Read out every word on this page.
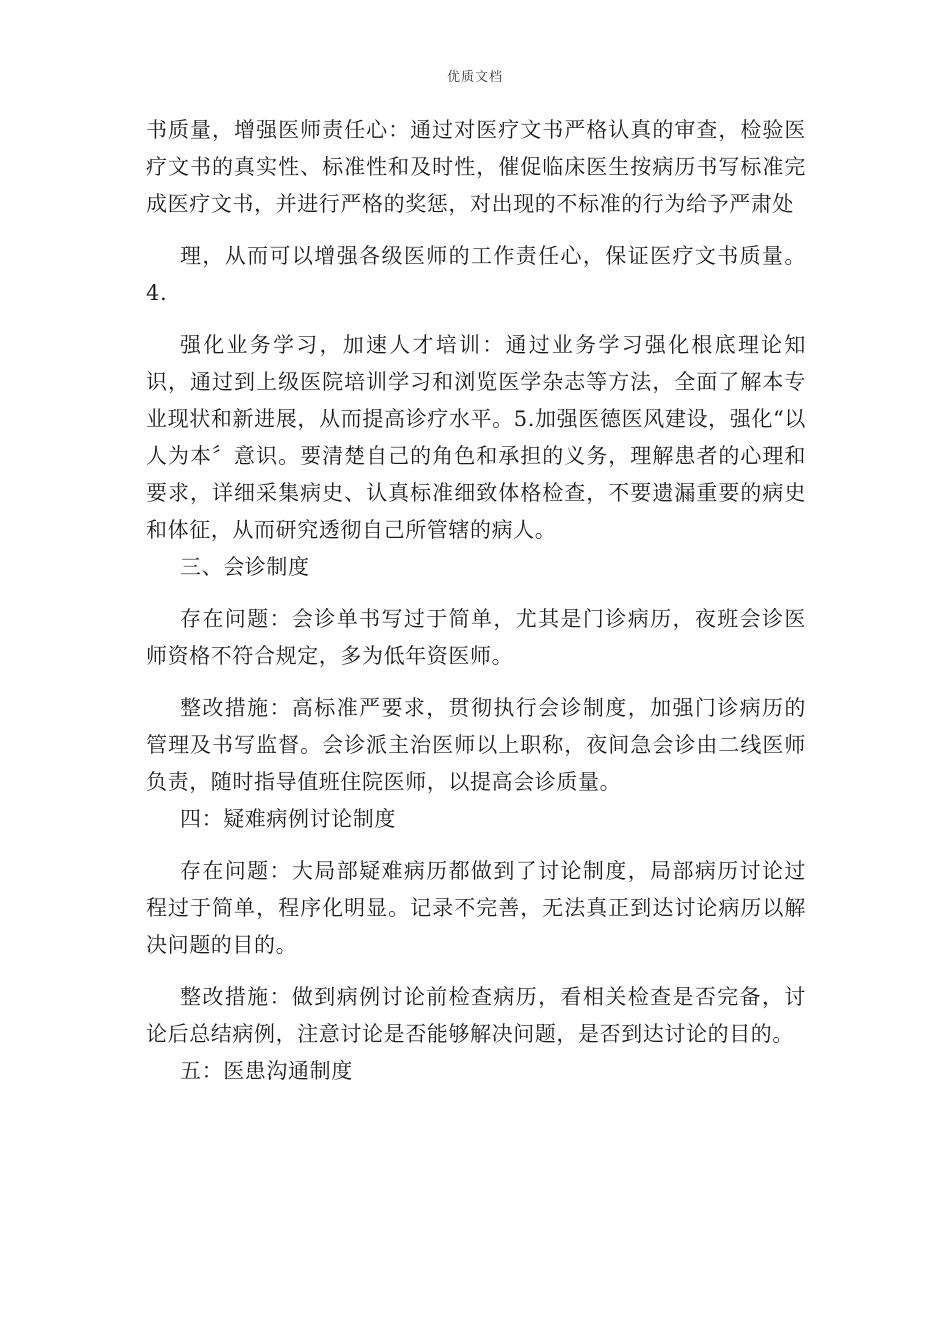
优质文档

书质量，增强医师责任心：通过对医疗文书严格认真的审查，检验医疗文书的真实性、标准性和及时性，催促临床医生按病历书写标准完成医疗文书，并进行严格的奖惩，对出现的不标准的行为给予严肃处

理，从而可以增强各级医师的工作责任心，保证医疗文书质量。4.

强化业务学习，加速人才培训：通过业务学习强化根底理论知识，通过到上级医院培训学习和浏览医学杂志等方法，全面了解本专业现状和新进展，从而提高诊疗水平。5.加强医德医风建设，强化“以人为本〞意识。要清楚自己的角色和承担的义务，理解患者的心理和要求，详细采集病史、认真标准细致体格检查，不要遗漏重要的病史和体征，从而研究透彻自己所管辖的病人。

三、会诊制度

存在问题：会诊单书写过于简单，尤其是门诊病历，夜班会诊医师资格不符合规定，多为低年资医师。

整改措施：高标准严要求，贯彻执行会诊制度，加强门诊病历的管理及书写监督。会诊派主治医师以上职称，夜间急会诊由二线医师负责，随时指导值班住院医师，以提高会诊质量。

四：疑难病例讨论制度

存在问题：大局部疑难病历都做到了讨论制度，局部病历讨论过程过于简单，程序化明显。记录不完善，无法真正到达讨论病历以解决问题的目的。

整改措施：做到病例讨论前检查病历，看相关检查是否完备，讨论后总结病例，注意讨论是否能够解决问题，是否到达讨论的目的。

五：医患沟通制度
